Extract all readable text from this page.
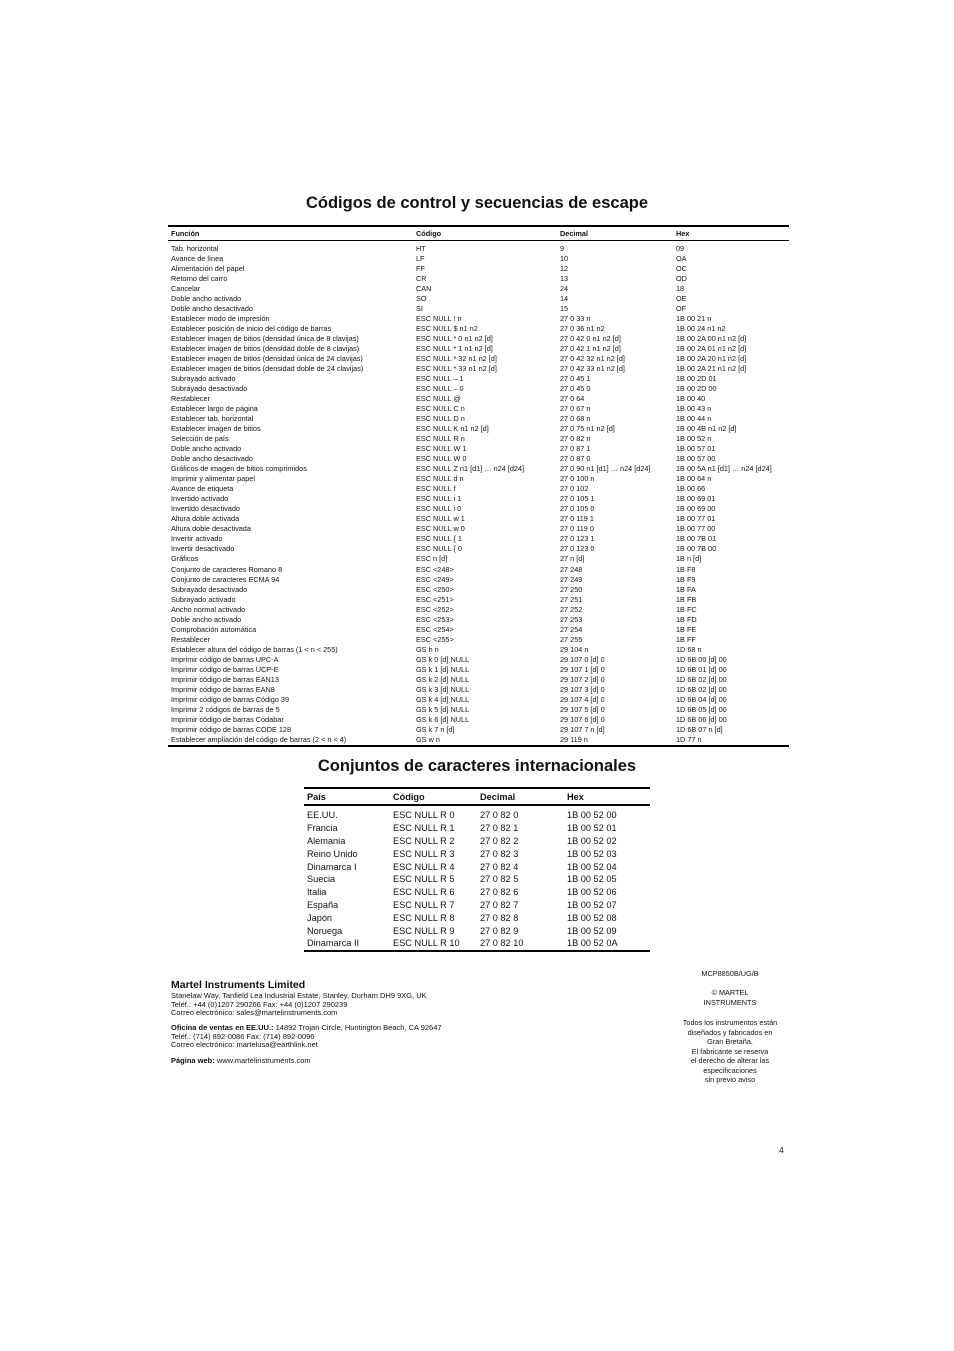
Códigos de control y secuencias de escape
Función	Código	Decimal	Hex

Tab. horizontal	HT	9	09
Avance de línea	LF	10	OA
Alimentación del papel	FF	12	OC
Retorno del carro	CR	13	OD
Cancelar	CAN	24	18
Doble ancho activado	SO	14	OE
Doble ancho desactivado	SI	15	OF
Establecer modo de impresión	ESC NULL ! n	27 0 33 n	1B 00 21 n
Establecer posición de inicio del código de barras	ESC NULL $ n1 n2	27 0 36 n1 n2	1B 00 24 n1 n2
Establecer imagen de bitios (densidad única de 8 clavijas)	ESC NULL * 0 n1 n2 [d]	27 0 42 0 n1 n2 [d]	1B 00 2A 00 n1 n2 [d]
Establecer imagen de bitios (densidad doble de 8 clavijas)	ESC NULL * 1 n1 n2 [d]	27 0 42 1 n1 n2 [d]	1B 00 2A 01 n1 n2 [d]
Establecer imagen de bitios (densidad única de 24 clavijas)	ESC NULL * 32 n1 n2 [d]	27 0 42 32 n1 n2 [d]	1B 00 2A 20 n1 n2 [d]
Establecer imagen de bitios (densidad doble de 24 clavijas)	ESC NULL * 33 n1 n2 [d]	27 0 42 33 n1 n2 [d]	1B 00 2A 21 n1 n2 [d]
Subrayado activado	ESC NULL – 1	27 0 45 1	1B 00 2D 01
Subrayado desactivado	ESC NULL – 0	27 0 45 0	1B 00 2D 00
Restablecer	ESC NULL @	27 0 64	1B 00 40
Establecer largo de página	ESC NULL C n	27 0 67 n	1B 00 43 n
Establecer tab. horizontal	ESC NULL D n	27 0 68 n	1B 00 44 n
Establecer imagen de bitios	ESC NULL K n1 n2 [d]	27 0 75 n1 n2 [d]	1B 00 4B n1 n2 [d]
Selección de país	ESC NULL R n	27 0 82 n	1B 00 52 n
Doble ancho activado	ESC NULL W 1	27 0 87 1	1B 00 57 01
Doble ancho desactivado	ESC NULL W 0	27 0 87 0	1B 00 57 00
Gráficos de imagen de bitios comprimidos	ESC NULL Z n1 [d1] … n24 [d24]	27 0 90 n1 [d1] … n24 [d24]	1B 00 5A n1 [d1] … n24 [d24]
Imprimir y alimentar papel	ESC NULL d n	27 0 100 n	1B 00 64 n
Avance de etiqueta	ESC NULL f	27 0 102	1B 00 66
Invertido activado	ESC NULL i 1	27 0 105 1	1B 00 69 01
Invertido desactivado	ESC NULL i 0	27 0 105 0	1B 00 69 00
Altura doble activada	ESC NULL w 1	27 0 119 1	1B 00 77 01
Altura doble desactivada	ESC NULL w 0	27 0 119 0	1B 00 77 00
Invertir activado	ESC NULL { 1	27 0 123 1	1B 00 7B 01
Invertir desactivado	ESC NULL { 0	27 0 123 0	1B 00 7B 00
Gráficos	ESC n [d]	27 n [d]	1B n [d]
Conjunto de caracteres Romano 8	ESC <248>	27 248	1B F8
Conjunto de caracteres ECMA 94	ESC <249>	27 249	1B F9
Subrayado desactivado	ESC <250>	27 250	1B FA
Subrayado activado	ESC <251>	27 251	1B FB
Ancho normal activado	ESC <252>	27 252	1B FC
Doble ancho activado	ESC <253>	27 253	1B FD
Comprobación automática	ESC <254>	27 254	1B FE
Restablecer	ESC <255>	27 255	1B FF
Establecer altura del código de barras (1 < n < 255)	GS h n	29 104 n	1D 68 n
Imprimir código de barras UPC-A	GS k 0 [d] NULL	29 107 0 [d] 0	1D 6B 00 [d] 00
Imprimir código de barras UCP-E	GS k 1 [d] NULL	29 107 1 [d] 0	1D 6B 01 [d] 00
Imprimir código de barras EAN13	GS k 2 [d] NULL	29 107 2 [d] 0	1D 6B 02 [d] 00
Imprimir código de barras EAN8	GS k 3 [d] NULL	29 107 3 [d] 0	1D 6B 02 [d] 00
Imprimir código de barras Código 39	GS k 4 [d] NULL	29 107 4 [d] 0	1D 6B 04 [d] 00
Imprimir 2 códigos de barras de 5	GS k 5 [d] NULL	29 107 5 [d] 0	1D 6B 05 [d] 00
Imprimir código de barras Codabar	GS k 6 [d] NULL	29 107 6 [d] 0	1D 6B 06 [d] 00
Imprimir código de barras CODE 128	GS k 7 n [d]	29 107 7 n [d]	1D 6B 07 n [d]
Establecer ampliación del código de barras (2 < n < 4)	GS w n	29 119 n	1D 77 n
Conjuntos de caracteres internacionales
País	Código	Decimal	Hex

EE.UU.	ESC NULL R 0	27 0 82 0	1B 00 52 00
Francia	ESC NULL R 1	27 0 82 1	1B 00 52 01
Alemania	ESC NULL R 2	27 0 82 2	1B 00 52 02
Reino Unido	ESC NULL R 3	27 0 82 3	1B 00 52 03
Dinamarca I	ESC NULL R 4	27 0 82 4	1B 00 52 04
Suecia	ESC NULL R 5	27 0 82 5	1B 00 52 05
Italia	ESC NULL R 6	27 0 82 6	1B 00 52 06
España	ESC NULL R 7	27 0 82 7	1B 00 52 07
Japón	ESC NULL R 8	27 0 82 8	1B 00 52 08
Noruega	ESC NULL R 9	27 0 82 9	1B 00 52 09
Dinamarca II	ESC NULL R 10	27 0 82 10	1B 00 52 0A
Martel Instruments Limited
Stanelaw Way, Tanfield Lea Industrial Estate, Stanley, Durham DH9 9XG, UK
Teléf.: +44 (0)1207 290266 Fax: +44 (0)1207 290239
Correo electrónico: sales@martelinstruments.com
Oficina de ventas en EE.UU.: 14892 Trojan Circle, Huntington Beach, CA 92647
Teléf.: (714) 892-0086 Fax: (714) 892-0096
Correo electrónico: martelusa@earthlink.net
Página web: www.martelinstruments.com
MCP8850B/UG/B
© MARTEL
INSTRUMENTS
Todos los instrumentos están
diseñados y fabricados en
Gran Bretaña.
El fabricante se reserva
el derecho de alterar las
especificaciones
sin previo aviso
4
